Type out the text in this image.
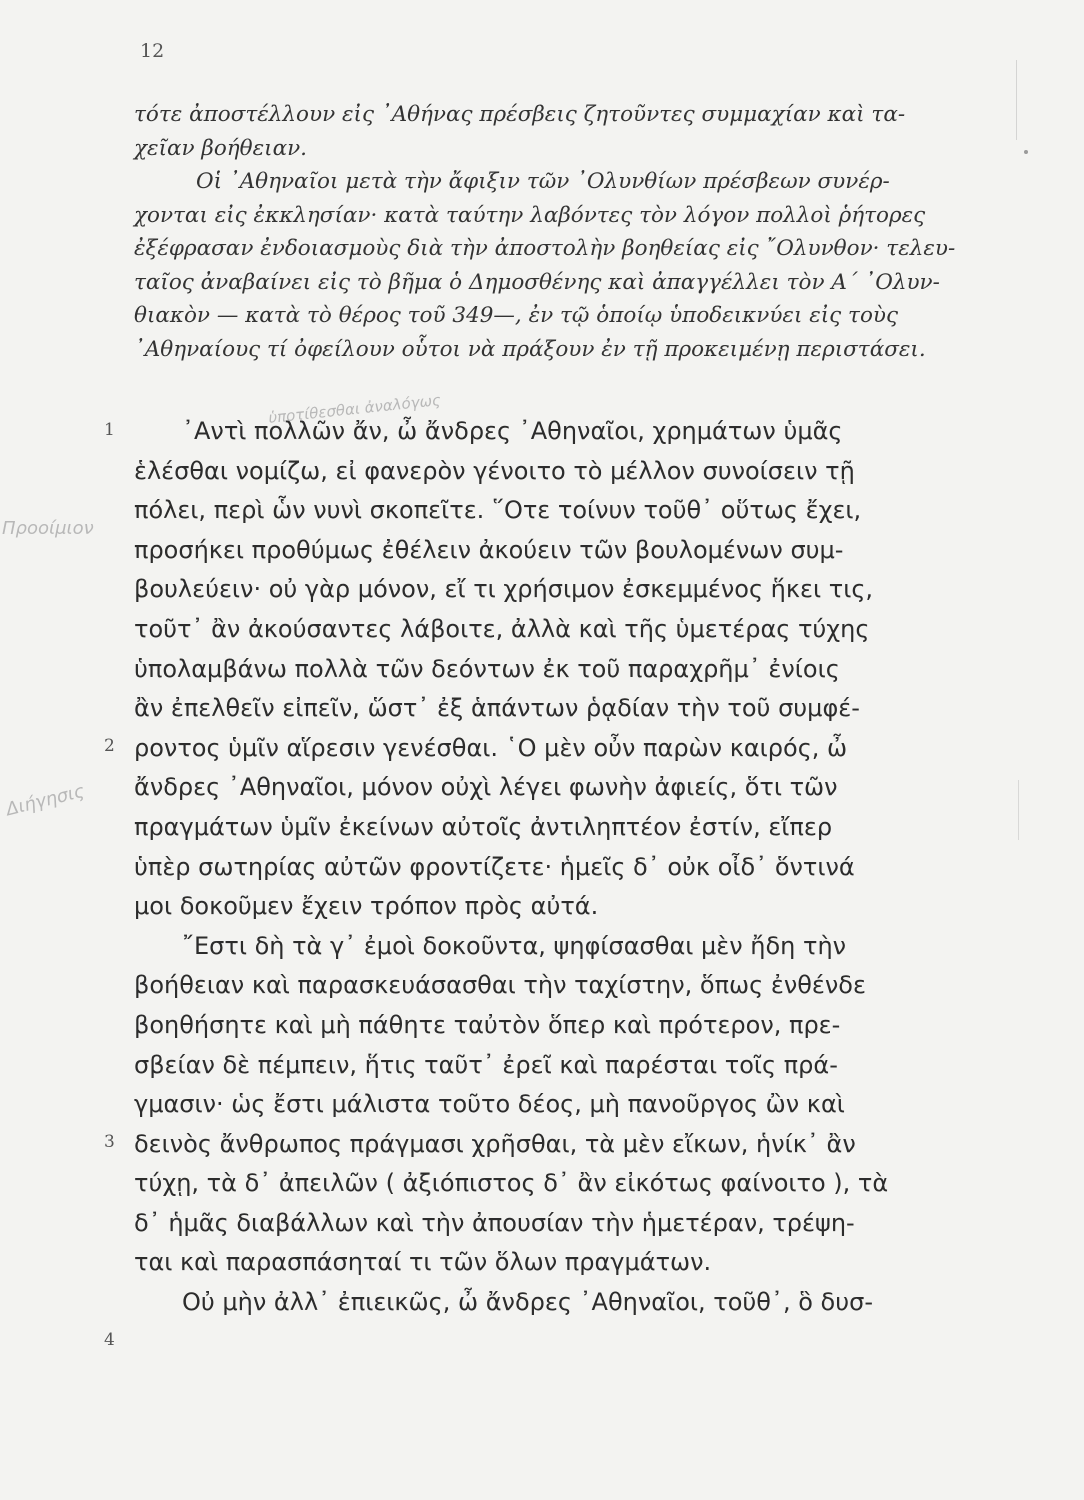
12
τότε ἀποστέλλουν εἰς ᾿Αθήνας πρέσβεις ζητοῦντες συμμαχίαν καὶ τα-
χεῖαν βοήθειαν.
Οἱ ᾿Αθηναῖοι μετὰ τὴν ἄφιξιν τῶν ᾿Ολυνθίων πρέσβεων συνέρ-
χονται εἰς ἐκκλησίαν· κατὰ ταύτην λαβόντες τὸν λόγον πολλοὶ ῥήτορες
ἐξέφρασαν ἐνδοιασμοὺς διὰ τὴν ἀποστολὴν βοηθείας εἰς ῎Ολυνθον· τελευ-
ταῖος ἀναβαίνει εἰς τὸ βῆμα ὁ Δημοσθένης καὶ ἀπαγγέλλει τὸν Α΄ ᾿Ολυν-
θιακὸν — κατὰ τὸ θέρος τοῦ 349—, ἐν τῷ ὁποίῳ ὑποδεικνύει εἰς τοὺς
᾿Αθηναίους τί ὀφείλουν οὗτοι νὰ πράξουν ἐν τῇ προκειμένῃ περιστάσει.
1
2
3
4
Προοίμιον
Διήγησις
ὑποτίθεσθαι ἀναλόγως
᾿Αντὶ πολλῶν ἄν, ὦ ἄνδρες ᾿Αθηναῖοι, χρημάτων ὑμᾶς
ἑλέσθαι νομίζω, εἰ φανερὸν γένοιτο τὸ μέλλον συνοίσειν τῇ
πόλει, περὶ ὧν νυνὶ σκοπεῖτε. ῞Οτε τοίνυν τοῦθ᾿ οὕτως ἔχει,
προσήκει προθύμως ἐθέλειν ἀκούειν τῶν βουλομένων συμ-
βουλεύειν· οὐ γὰρ μόνον, εἴ τι χρήσιμον ἐσκεμμένος ἥκει τις,
τοῦτ᾿ ἂν ἀκούσαντες λάβοιτε, ἀλλὰ καὶ τῆς ὑμετέρας τύχης
ὑπολαμβάνω πολλὰ τῶν δεόντων ἐκ τοῦ παραχρῆμ᾿ ἐνίοις
ἂν ἐπελθεῖν εἰπεῖν, ὥστ᾿ ἐξ ἁπάντων ῥᾳδίαν τὴν τοῦ συμφέ-
ροντος ὑμῖν αἵρεσιν γενέσθαι. ῾Ο μὲν οὖν παρὼν καιρός, ὦ
ἄνδρες ᾿Αθηναῖοι, μόνον οὐχὶ λέγει φωνὴν ἀφιείς, ὅτι τῶν
πραγμάτων ὑμῖν ἐκείνων αὐτοῖς ἀντιληπτέον ἐστίν, εἴπερ
ὑπὲρ σωτηρίας αὐτῶν φροντίζετε· ἡμεῖς δ᾿ οὐκ οἶδ᾿ ὅντινά
μοι δοκοῦμεν ἔχειν τρόπον πρὸς αὐτά.
῎Εστι δὴ τὰ γ᾿ ἐμοὶ δοκοῦντα, ψηφίσασθαι μὲν ἤδη τὴν
βοήθειαν καὶ παρασκευάσασθαι τὴν ταχίστην, ὅπως ἐνθένδε
βοηθήσητε καὶ μὴ πάθητε ταὐτὸν ὅπερ καὶ πρότερον, πρε-
σβείαν δὲ πέμπειν, ἥτις ταῦτ᾿ ἐρεῖ καὶ παρέσται τοῖς πρά-
γμασιν· ὡς ἔστι μάλιστα τοῦτο δέος, μὴ πανοῦργος ὢν καὶ
δεινὸς ἄνθρωπος πράγμασι χρῆσθαι, τὰ μὲν εἴκων, ἡνίκ᾿ ἂν
τύχῃ, τὰ δ᾿ ἀπειλῶν ( ἀξιόπιστος δ᾿ ἂν εἰκότως φαίνοιτο ), τὰ
δ᾿ ἡμᾶς διαβάλλων καὶ τὴν ἀπουσίαν τὴν ἡμετέραν, τρέψη-
ται καὶ παρασπάσηταί τι τῶν ὅλων πραγμάτων.
Οὐ μὴν ἀλλ᾿ ἐπιεικῶς, ὦ ἄνδρες ᾿Αθηναῖοι, τοῦθ᾿, ὃ δυσ-
